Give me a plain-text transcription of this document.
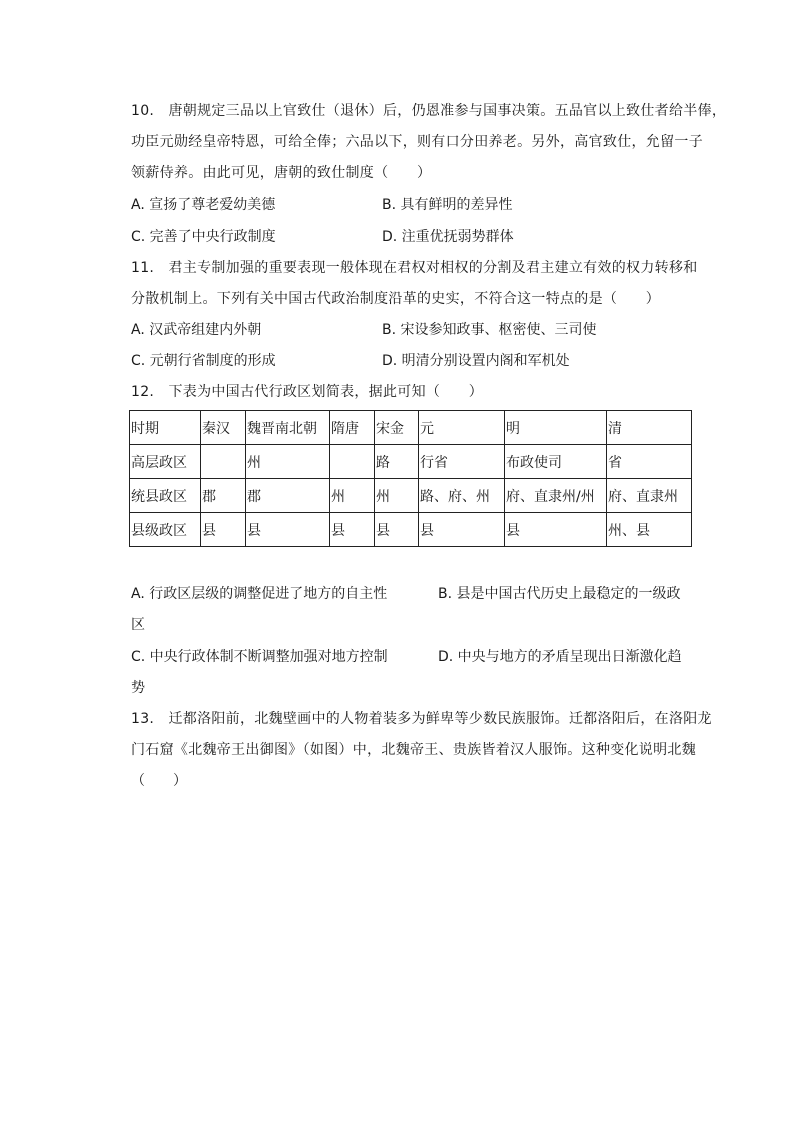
10.　唐朝规定三品以上官致仕（退休）后，仍恩准参与国事决策。五品官以上致仕者给半俸，
功臣元勋经皇帝特恩，可给全俸；六品以下，则有口分田养老。另外，高官致仕，允留一子
领薪侍养。由此可见，唐朝的致仕制度（　　）
A. 宣扬了尊老爱幼美德	B. 具有鲜明的差异性
C. 完善了中央行政制度	D. 注重优抚弱势群体
11.　君主专制加强的重要表现一般体现在君权对相权的分割及君主建立有效的权力转移和
分散机制上。下列有关中国古代政治制度沿革的史实，不符合这一特点的是（　　）
A. 汉武帝组建内外朝	B. 宋设参知政事、枢密使、三司使
C. 元朝行省制度的形成	D. 明清分别设置内阁和军机处
12.　下表为中国古代行政区划简表，据此可知（　　）
时期	秦汉	魏晋南北朝	隋唐	宋金	元	明	清
高层政区		州		路	行省	布政使司	省
统县政区	郡	郡	州	州	路、府、州	府、直隶州/州	府、直隶州
县级政区	县	县	县	县	县	县	州、县
A. 行政区层级的调整促进了地方的自主性	B. 县是中国古代历史上最稳定的一级政
区
C. 中央行政体制不断调整加强对地方控制	D. 中央与地方的矛盾呈现出日渐激化趋
势
13.　迁都洛阳前，北魏壁画中的人物着装多为鲜卑等少数民族服饰。迁都洛阳后，在洛阳龙
门石窟《北魏帝王出御图》（如图）中，北魏帝王、贵族皆着汉人服饰。这种变化说明北魏
（　　）
